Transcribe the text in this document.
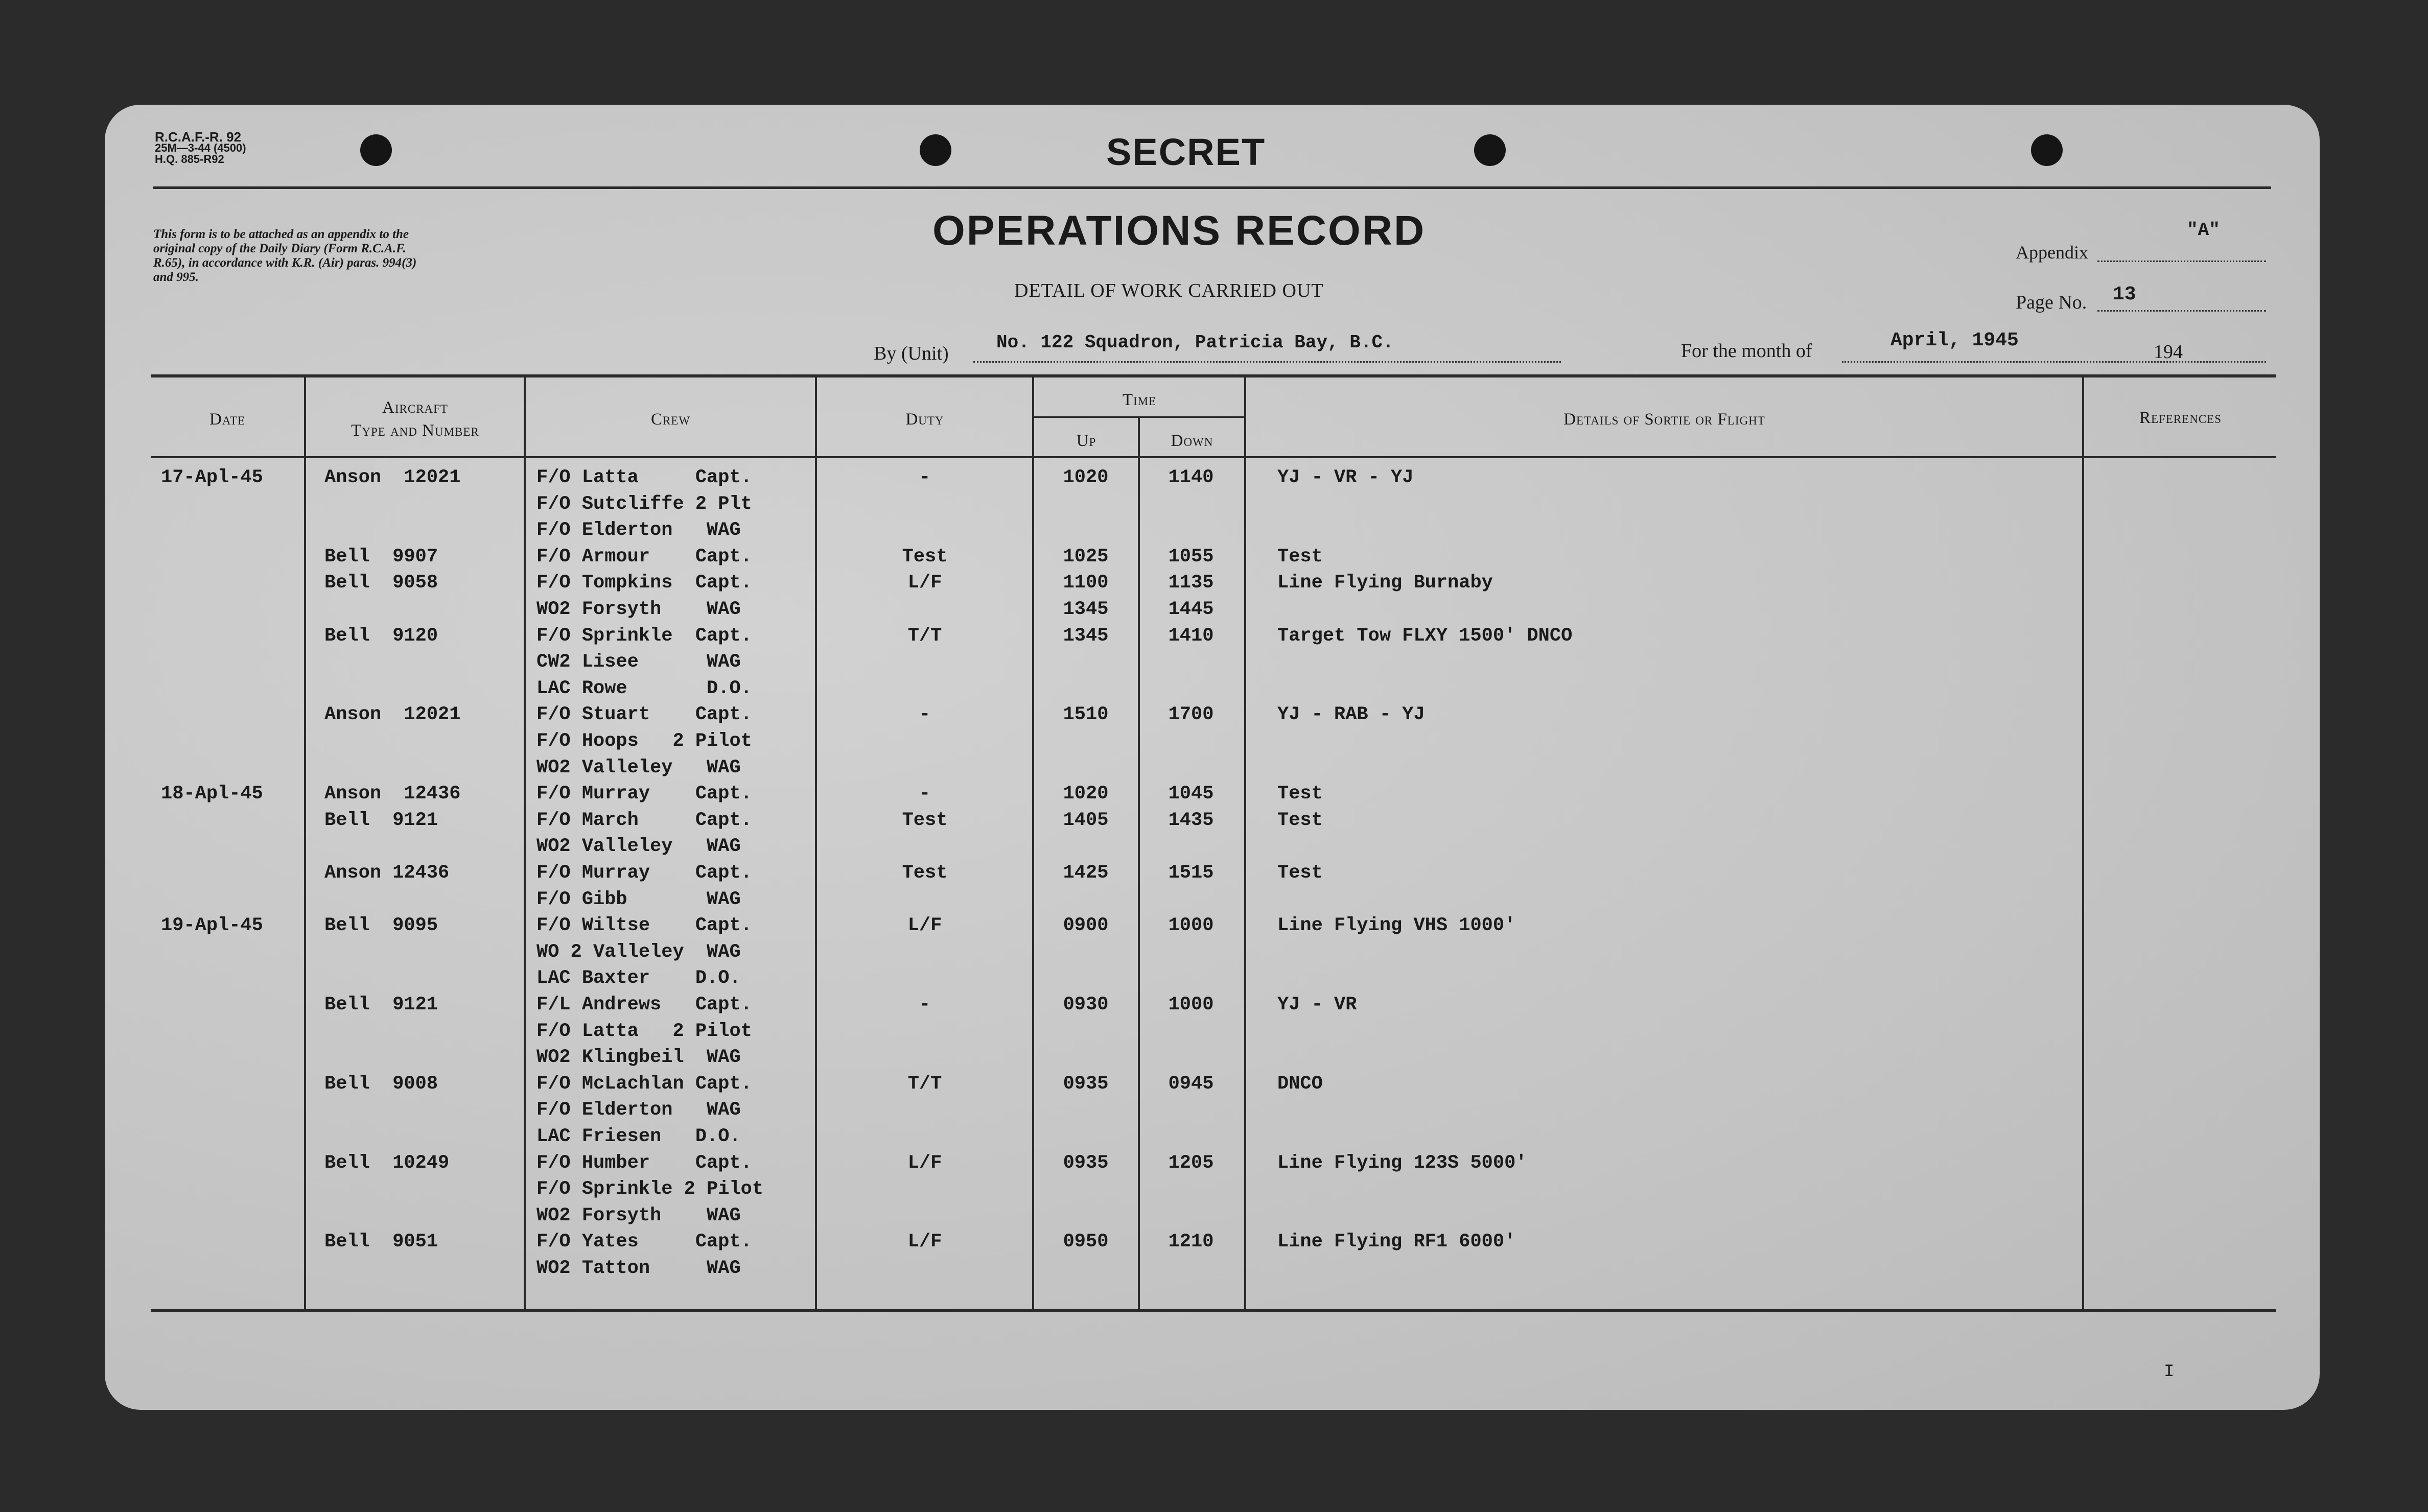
R.C.A.F.-R. 92
25M—3-44 (4500)
H.Q. 885-R92	SECRET
This form is to be attached as an appendix to the original copy of the Daily Diary (Form R.C.A.F. R.65), in accordance with K.R. (Air) paras. 994(3) and 995.
OPERATIONS RECORD
DETAIL OF WORK CARRIED OUT
Appendix
"A"
Page No. 13
By (Unit)
No. 122 Squadron, Patricia Bay, B.C.	For the month of	April, 1945
194
Date
Aircraft
Type and Number
Crew	Duty
Time
Up	Down
Details of Sortie or Flight	References
17-Apl-45	Anson  12021	F/O Latta     Capt.	-	1020	1140	YJ - VR - YJ
F/O Sutcliffe 2 Plt
F/O Elderton   WAG
Bell  9907	F/O Armour    Capt.	Test	1025	1055	Test
Bell  9058	F/O Tompkins  Capt.	L/F	1100	1135	Line Flying Burnaby
WO2 Forsyth    WAG	1345	1445
Bell  9120	F/O Sprinkle  Capt.	T/T	1345	1410	Target Tow FLXY 1500' DNCO
CW2 Lisee      WAG
LAC Rowe       D.O.
Anson  12021	F/O Stuart    Capt.	-	1510	1700	YJ - RAB - YJ
F/O Hoops   2 Pilot
WO2 Valleley   WAG
18-Apl-45	Anson  12436	F/O Murray    Capt.	-	1020	1045	Test
Bell  9121	F/O March     Capt.	Test	1405	1435	Test
WO2 Valleley   WAG
Anson 12436	F/O Murray    Capt.	Test	1425	1515	Test
F/O Gibb       WAG
19-Apl-45	Bell  9095	F/O Wiltse    Capt.	L/F	0900	1000	Line Flying VHS 1000'
WO 2 Valleley  WAG
LAC Baxter    D.O.
Bell  9121	F/L Andrews   Capt.	-	0930	1000	YJ - VR
F/O Latta   2 Pilot
WO2 Klingbeil  WAG
Bell  9008	F/O McLachlan Capt.	T/T	0935	0945	DNCO
F/O Elderton   WAG
LAC Friesen   D.O.
Bell  10249	F/O Humber    Capt.	L/F	0935	1205	Line Flying 123S 5000'
F/O Sprinkle 2 Pilot
WO2 Forsyth    WAG
Bell  9051	F/O Yates     Capt.	L/F	0950	1210	Line Flying RF1 6000'
WO2 Tatton     WAG
I
